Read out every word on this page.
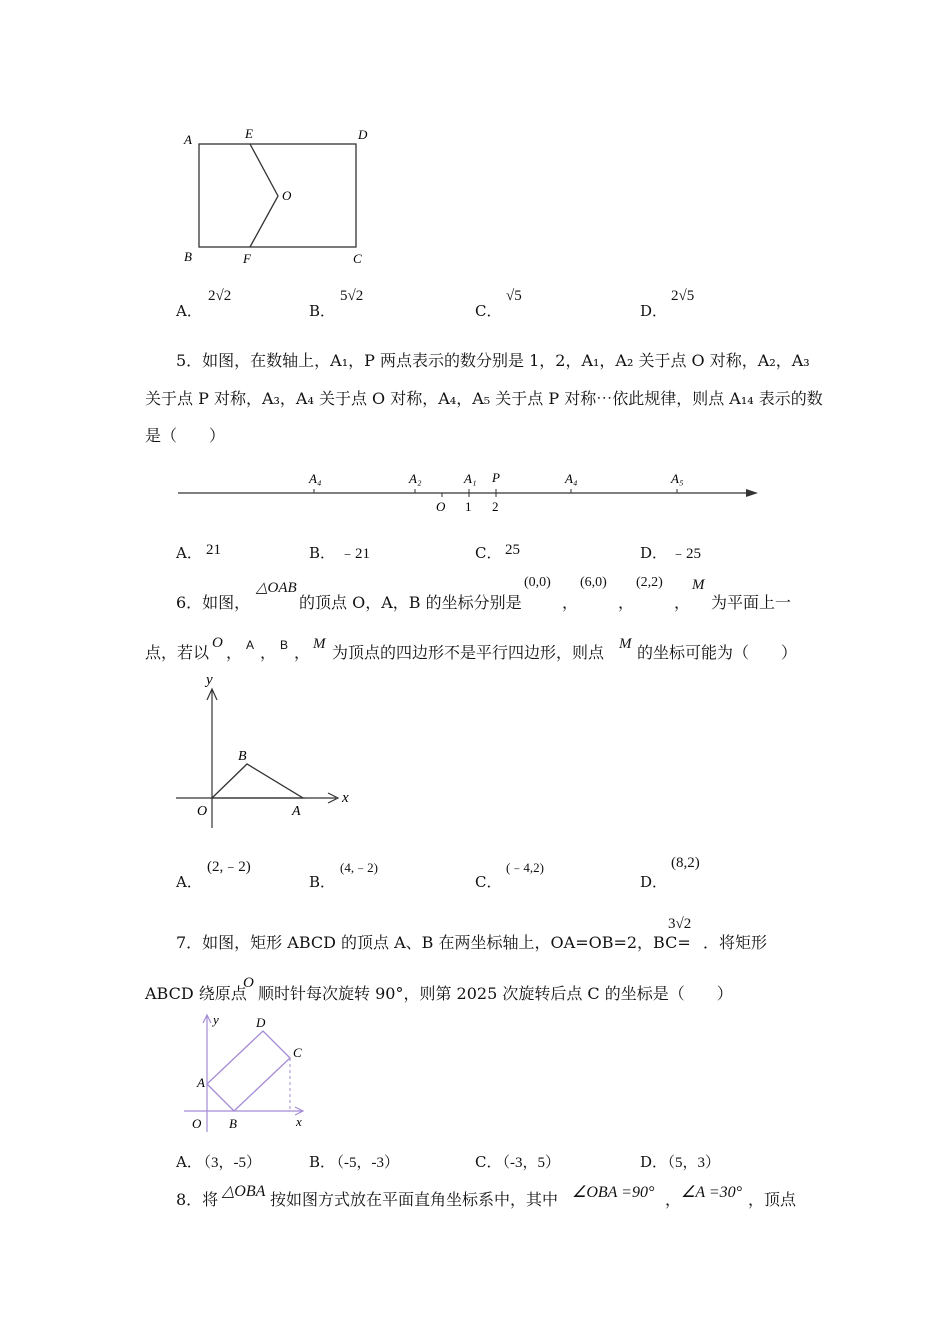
A	E	D
O
B	F	C
A．
2√2
B．
5√2
C．
√5
D．
2√5
5．如图，在数轴上，A₁，P 两点表示的数分别是 1，2，A₁，A₂ 关于点 O 对称，A₂，A₃
关于点 P 对称，A₃，A₄ 关于点 O 对称，A₄，A₅ 关于点 P 对称⋯依此规律，则点 A₁₄ 表示的数
是（　　）
A₄	A₂	A₁ P	A₄	A₅
O 1 2
A． 21	B． ﹣21	C． 25	D． ﹣25
6．如图，
△OAB
的顶点 O，A，B 的坐标分别是
(0,0)
，
(6,0)
，
(2,2)
，
M
为平面上一
点，若以 O ， A ， B ， M 为顶点的四边形不是平行四边形，则点 M 的坐标可能为（　　）
y
x
B
O	A
A．
(2,﹣2)
B．
(4,﹣2)
C．
(﹣4,2)
D．
(8,2)
7．如图，矩形 ABCD 的顶点 A、B 在两坐标轴上，OA=OB=2，BC=
3√2
．将矩形
ABCD 绕原点
O
顺时针每次旋转 90°，则第 2025 次旋转后点 C 的坐标是（　　）
y	D
C
A
O B	x
A．
（3，-5）	B．
（-5，-3）	C．
（-3，5）	D．
（5，3）
8．将 △OBA 按如图方式放在平面直角坐标系中，其中 ∠OBA =90° ， ∠A =30° ，顶点
